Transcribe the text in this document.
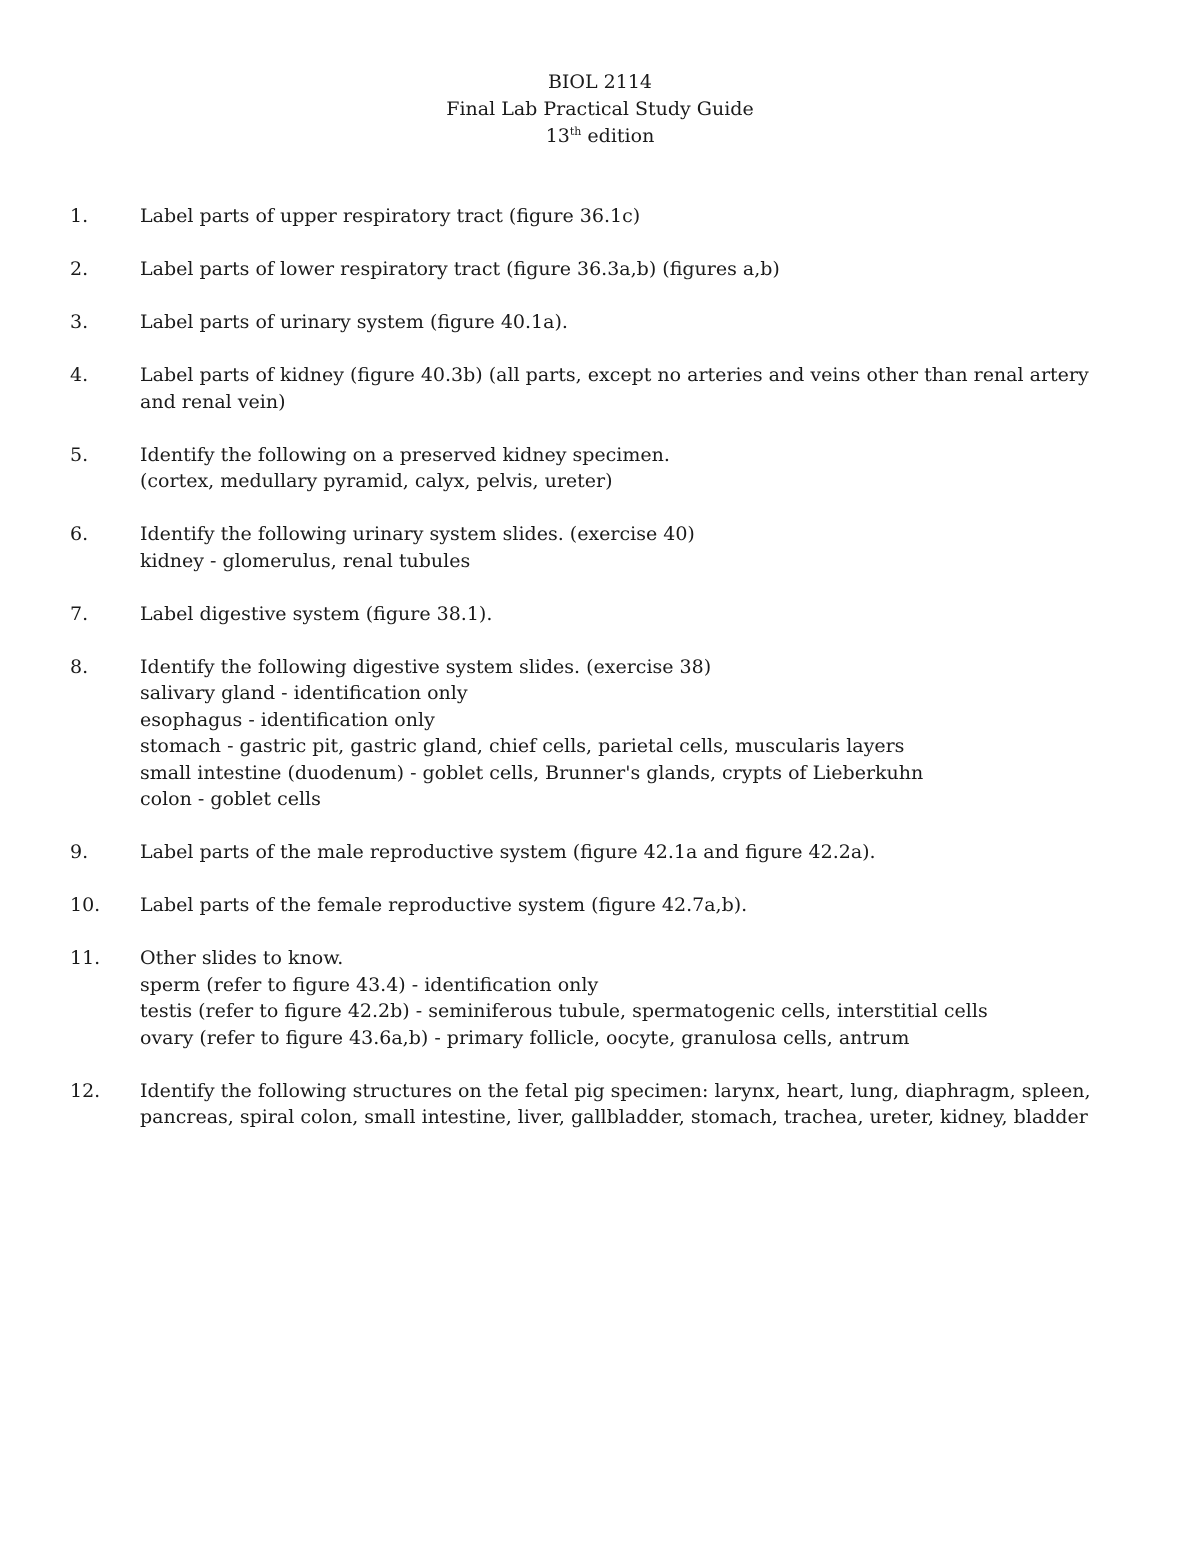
BIOL 2114
Final Lab Practical Study Guide
13th edition
1.	Label parts of upper respiratory tract (figure 36.1c)
2.	Label parts of lower respiratory tract (figure 36.3a,b) (figures a,b)
3.	Label parts of urinary system (figure 40.1a).
4.	Label parts of kidney (figure 40.3b) (all parts, except no arteries and veins other than renal artery and renal vein)
5.	Identify the following on a preserved kidney specimen.
(cortex, medullary pyramid, calyx, pelvis, ureter)
6.	Identify the following urinary system slides. (exercise 40)
kidney - glomerulus, renal tubules
7.	Label digestive system (figure 38.1).
8.	Identify the following digestive system slides. (exercise 38)
salivary gland - identification only
esophagus - identification only
stomach - gastric pit, gastric gland, chief cells, parietal cells, muscularis layers
small intestine (duodenum) - goblet cells, Brunner's glands, crypts of Lieberkuhn
colon - goblet cells
9.	Label parts of the male reproductive system (figure 42.1a and figure 42.2a).
10.	Label parts of the female reproductive system (figure 42.7a,b).
11.	Other slides to know.
sperm (refer to figure 43.4) - identification only
testis (refer to figure 42.2b) - seminiferous tubule, spermatogenic cells, interstitial cells
ovary (refer to figure 43.6a,b) - primary follicle, oocyte, granulosa cells, antrum
12.	Identify the following structures on the fetal pig specimen: larynx, heart, lung, diaphragm, spleen, pancreas, spiral colon, small intestine, liver, gallbladder, stomach, trachea, ureter, kidney, bladder
